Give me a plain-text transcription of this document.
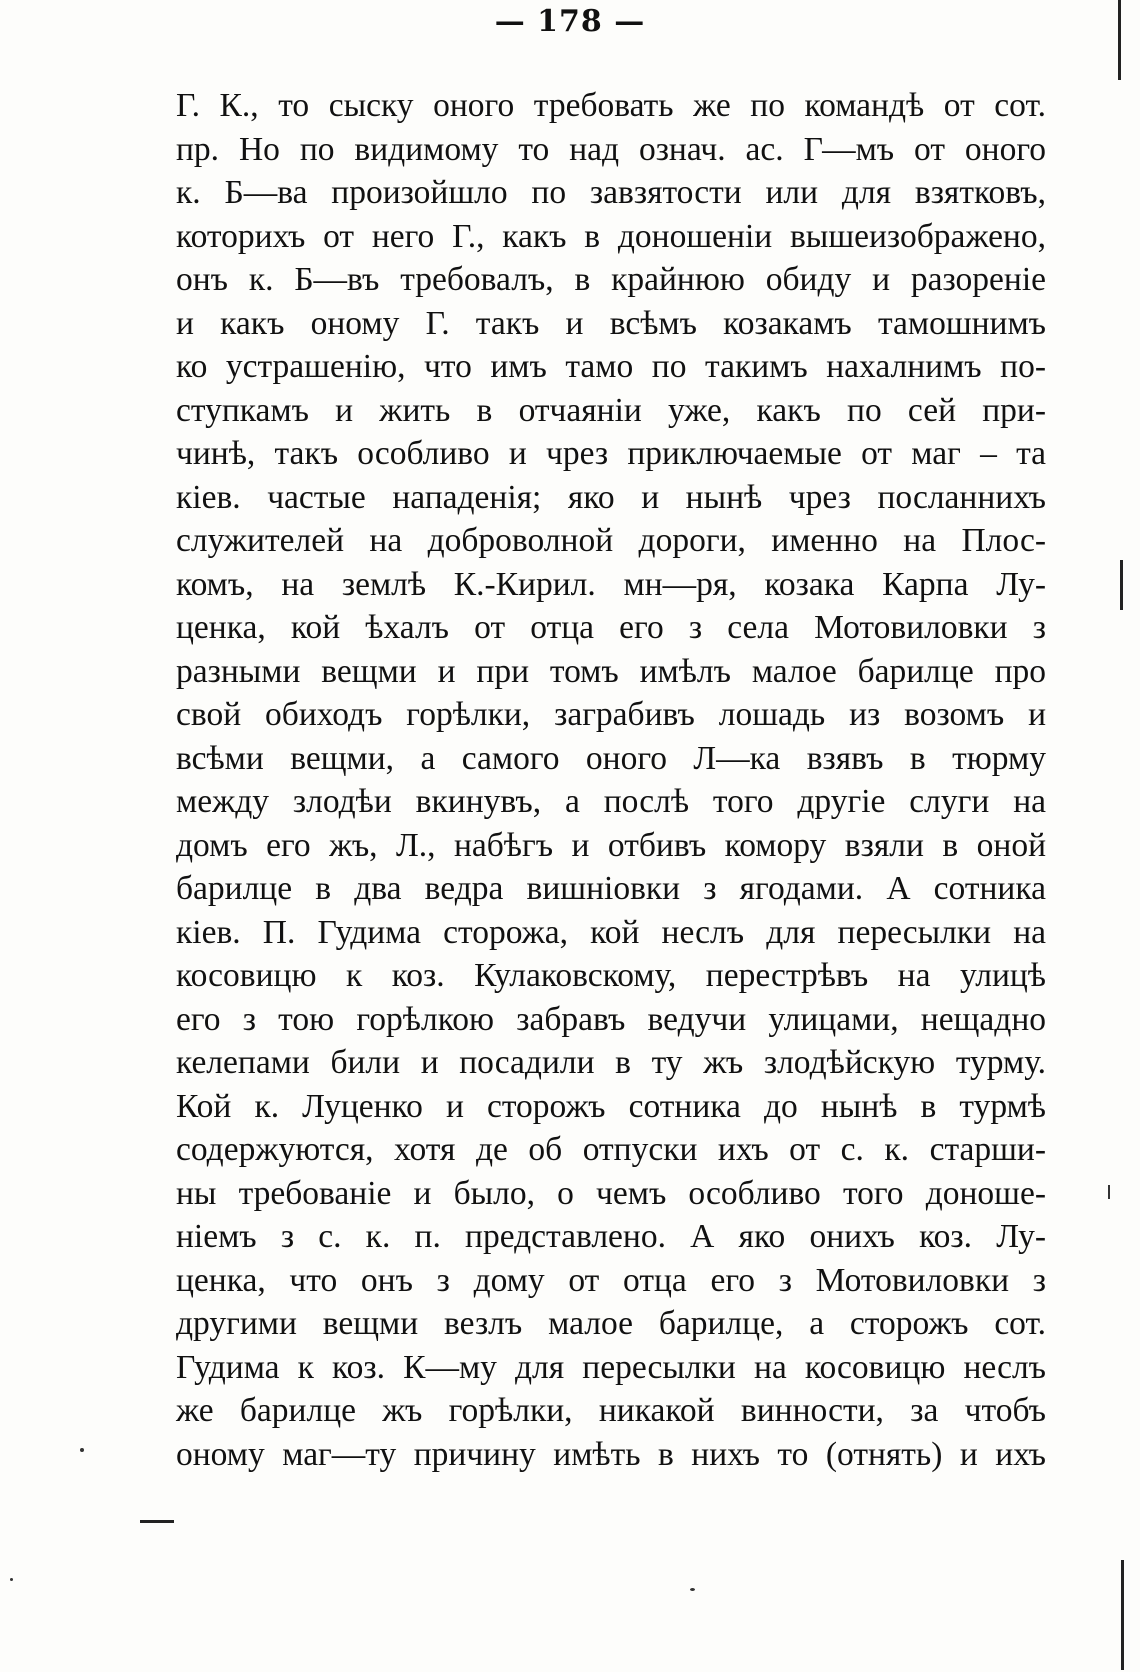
— 178 —
Г. К., то сыску оного требовать же по командѣ от сот.
пр. Но по видимому то над означ. ас. Г—мъ от оного
к. Б—ва произойшло по завзятости или для взятковъ,
которихъ от него Г., какъ в доношеніи вышеизображено,
онъ к. Б—въ требовалъ, в крайнюю обиду и разореніе
и какъ оному Г. такъ и всѣмъ козакамъ тамошнимъ
ко устрашенію, что имъ тамо по такимъ нахалнимъ по-
ступкамъ и жить в отчаяніи уже, какъ по сей при-
чинѣ, такъ особливо и чрез приключаемые от маг – та
кіев. частые нападенія; яко и нынѣ чрез посланнихъ
служителей на доброволной дороги, именно на Плос-
комъ, на землѣ К.-Кирил. мн—ря, козака Карпа Лу-
ценка, кой ѣхалъ от отца его з села Мотовиловки з
разными вещми и при томъ имѣлъ малое барилце про
свой обиходъ горѣлки, заграбивъ лошадь из возомъ и
всѣми вещми, а самого оного Л—ка взявъ в тюрму
между злодѣи вкинувъ, а послѣ того другіе слуги на
домъ его жъ, Л., набѣгъ и отбивъ комору взяли в оной
барилце в два ведра вишніовки з ягодами. А сотника
кіев. П. Гудима сторожа, кой неслъ для пересылки на
косовицю к коз. Кулаковскому, перестрѣвъ на улицѣ
его з тою горѣлкою забравъ ведучи улицами, нещадно
келепами били и посадили в ту жъ злодѣйскую турму.
Кой к. Луценко и сторожъ сотника до нынѣ в турмѣ
содержуются, хотя де об отпуски ихъ от с. к. старши-
ны требованіе и было, о чемъ особливо того доноше-
ніемъ з с. к. п. представлено. А яко онихъ коз. Лу-
ценка, что онъ з дому от отца его з Мотовиловки з
другими вещми везлъ малое барилце, а сторожъ сот.
Гудима к коз. К—му для пересылки на косовицю неслъ
же барилце жъ горѣлки, никакой винности, за чтобъ
оному маг—ту причину имѣть в нихъ то (отнять) и ихъ
